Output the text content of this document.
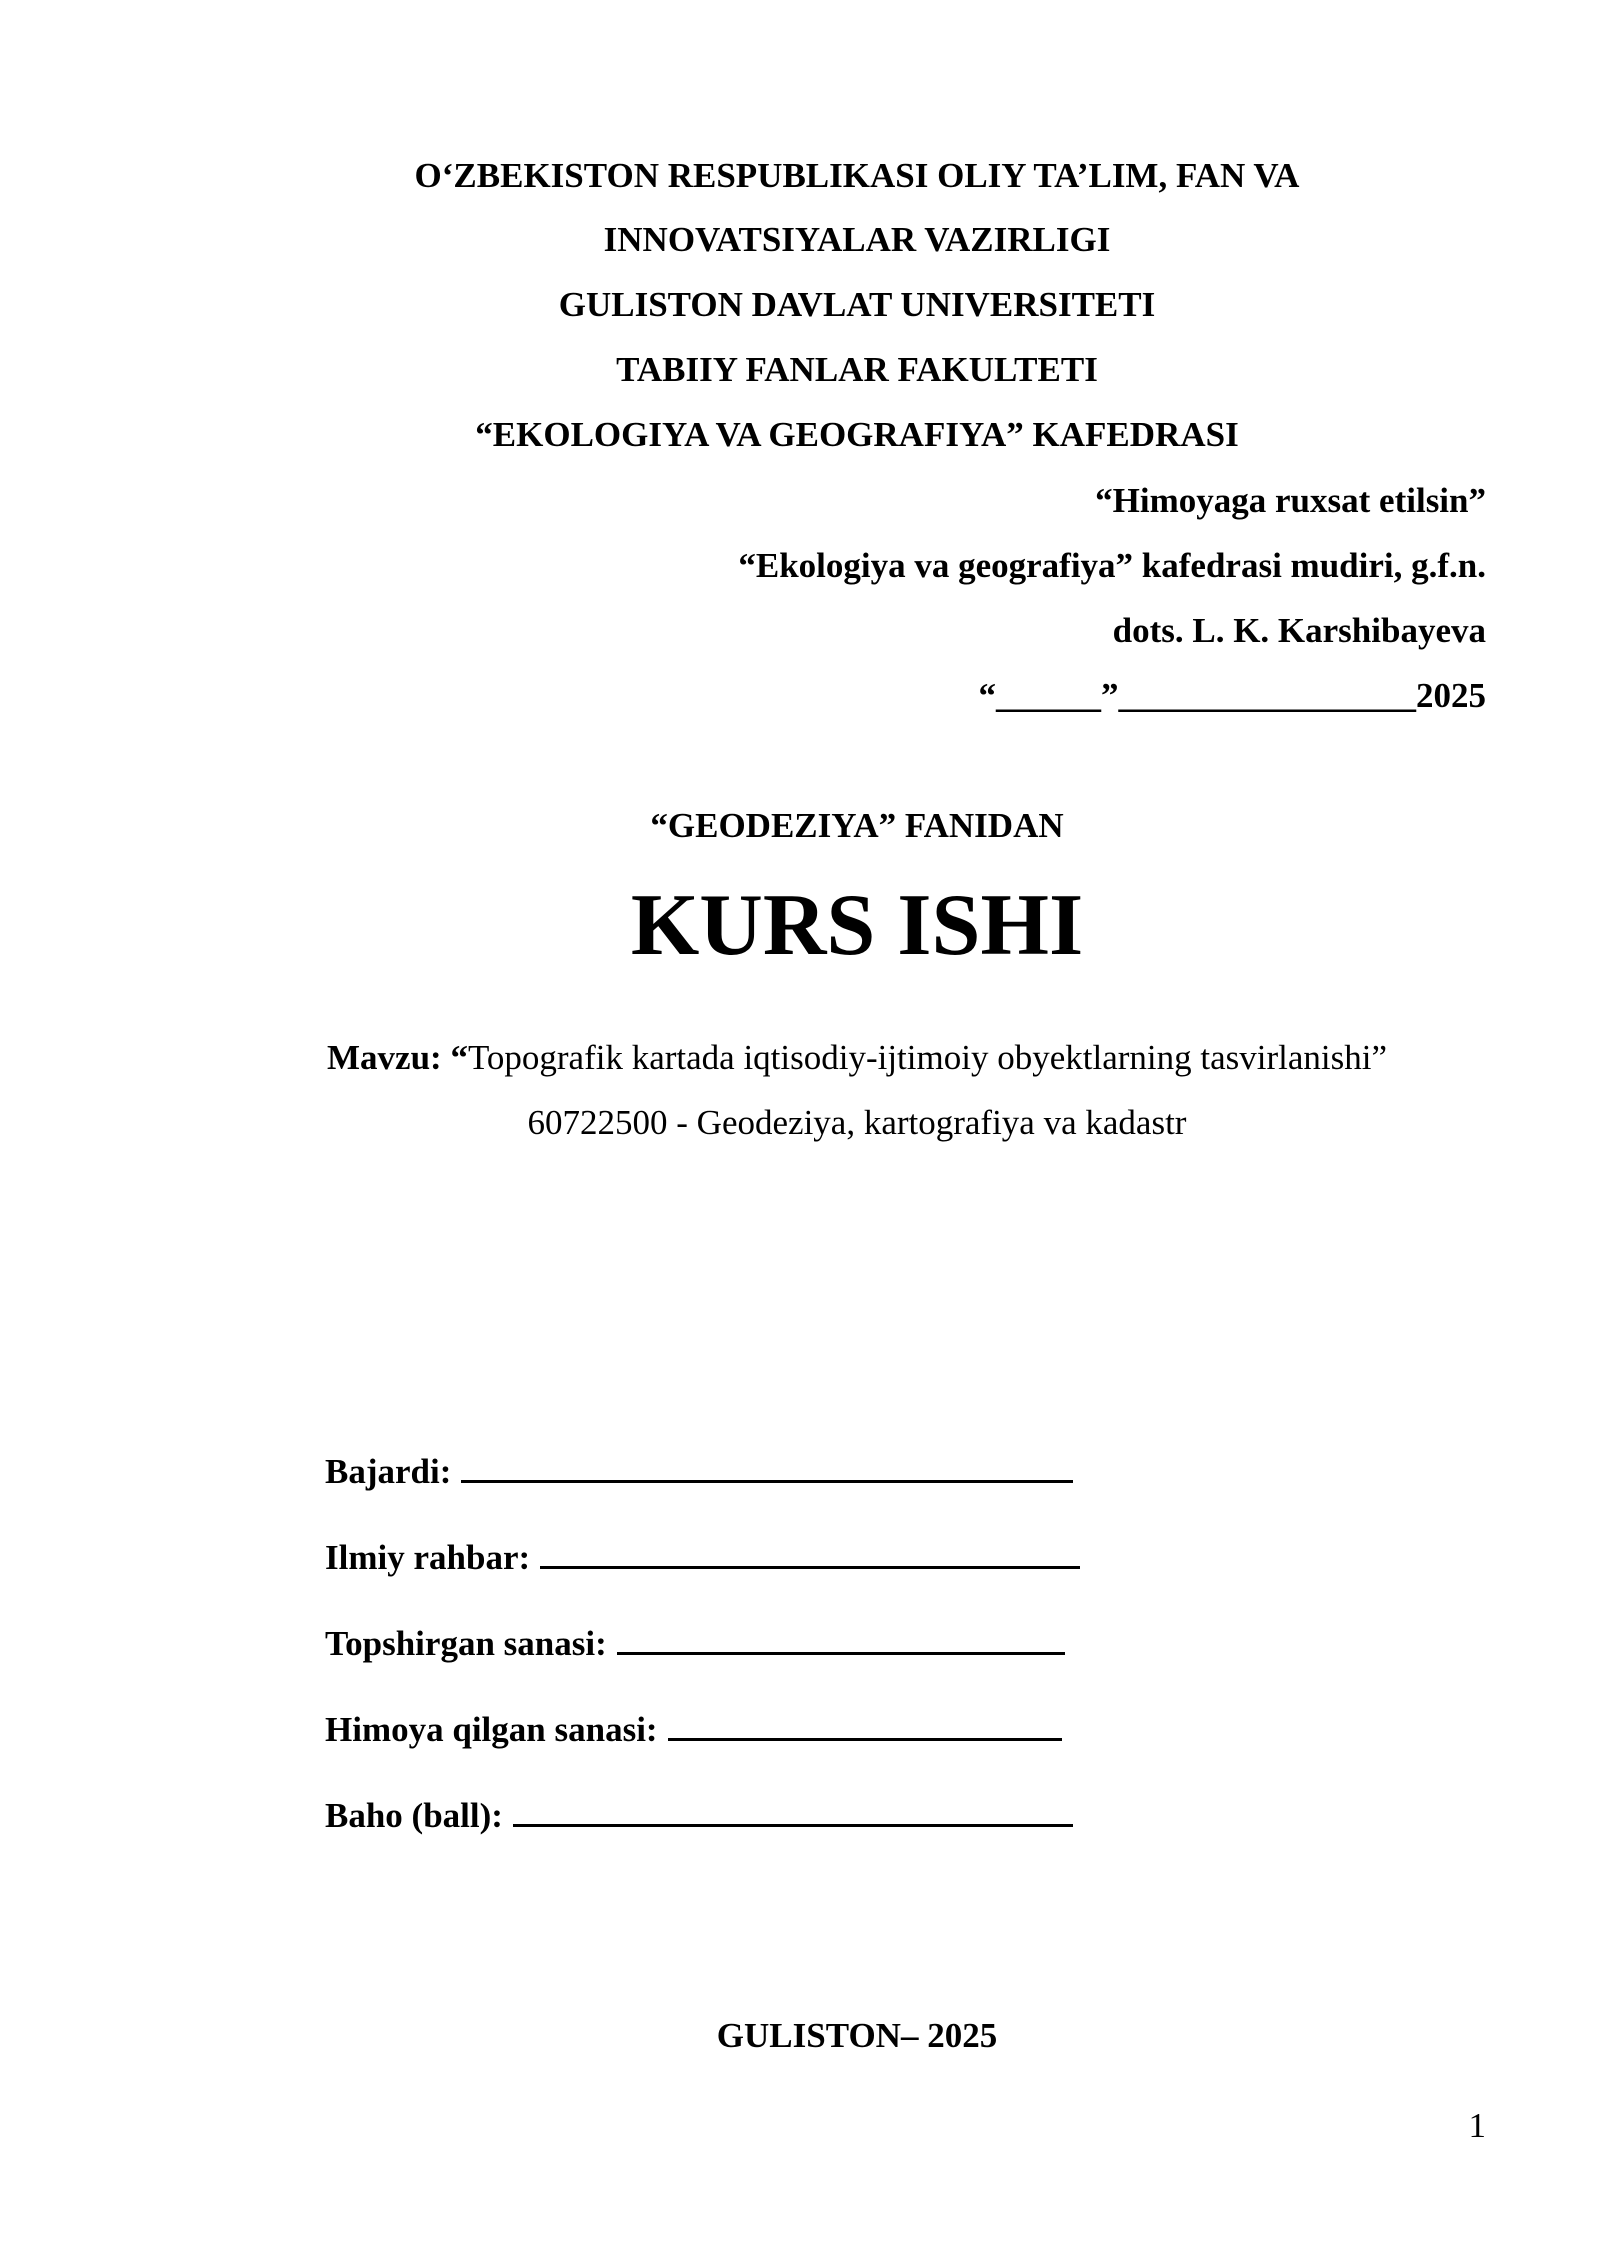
O‘ZBEKISTON RESPUBLIKASI OLIY TA’LIM, FAN VA
INNOVATSIYALAR VAZIRLIGI
GULISTON DAVLAT UNIVERSITETI
TABIIY FANLAR FAKULTETI
“EKOLOGIYA VA GEOGRAFIYA” KAFEDRASI
“Himoyaga ruxsat etilsin”
“Ekologiya va geografiya” kafedrasi mudiri, g.f.n.
dots. L. K. Karshibayeva
“______”_________________2025
“GEODEZIYA” FANIDAN
KURS ISHI
Mavzu: “Topografik kartada iqtisodiy-ijtimoiy obyektlarning tasvirlanishi”
60722500 - Geodeziya, kartografiya va kadastr
Bajardi:
Ilmiy rahbar:
Topshirgan sanasi:
Himoya qilgan sanasi:
Baho (ball):
GULISTON– 2025
1
